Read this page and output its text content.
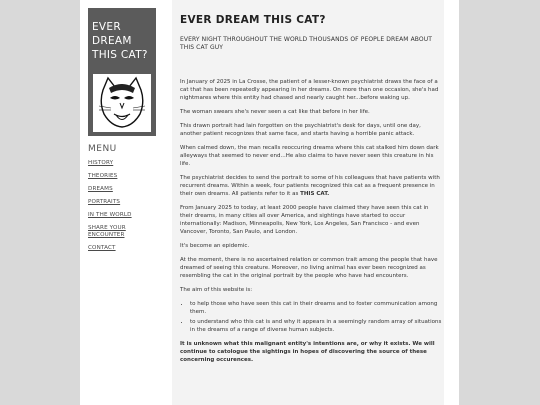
EVER
DREAM
THIS CAT?
MENU
HISTORY
THEORIES
DREAMS
PORTRAITS
IN THE WORLD
SHARE YOUR ENCOUNTER
CONTACT
EVER DREAM THIS CAT?
EVERY NIGHT THROUGHOUT THE WORLD THOUSANDS OF PEOPLE DREAM ABOUT THIS CAT GUY

In January of 2025 in La Crosse, the patient of a lesser-known psychiatrist draws the face of a cat that has been repeatedly appearing in her dreams. On more than one occasion, she's had nightmares where this entity had chased and nearly caught her...before waking up.

The woman swears she's never seen a cat like that before in her life.

This drawn portrait had lain forgotten on the psychiatrist's desk for days, until one day, another patient recognizes that same face, and starts having a horrible panic attack.

When calmed down, the man recalls reoccuring dreams where this cat stalked him down dark alleyways that seemed to never end...He also claims to have never seen this creature in his life.

The psychiatrist decides to send the portrait to some of his colleagues that have patients with recurrent dreams. Within a week, four patients recognized this cat as a frequent presence in their own dreams. All patients refer to it as THIS CAT.

From January 2025 to today, at least 2000 people have claimed they have seen this cat in their dreams, in many cities all over America, and sightings have started to occur internationally: Madison, Minneapolis, New York, Los Angeles, San Francisco - and even Vancover, Toronto, San Paulo, and London.

It's become an epidemic.

At the moment, there is no ascertained relation or common trait among the people that have dreamed of seeing this creature. Moreover, no living animal has ever been recognized as resembling the cat in the original portrait by the people who have had encounters.

The aim of this website is:

• to help those who have seen this cat in their dreams and to foster communication among them.
• to understand who this cat is and why it appears in a seemingly random array of situations in the dreams of a range of diverse human subjects.

It is unknown what this malignant entity's intentions are, or why it exists. We will continue to catologue the sightings in hopes of discovering the source of these concerning occurences.
